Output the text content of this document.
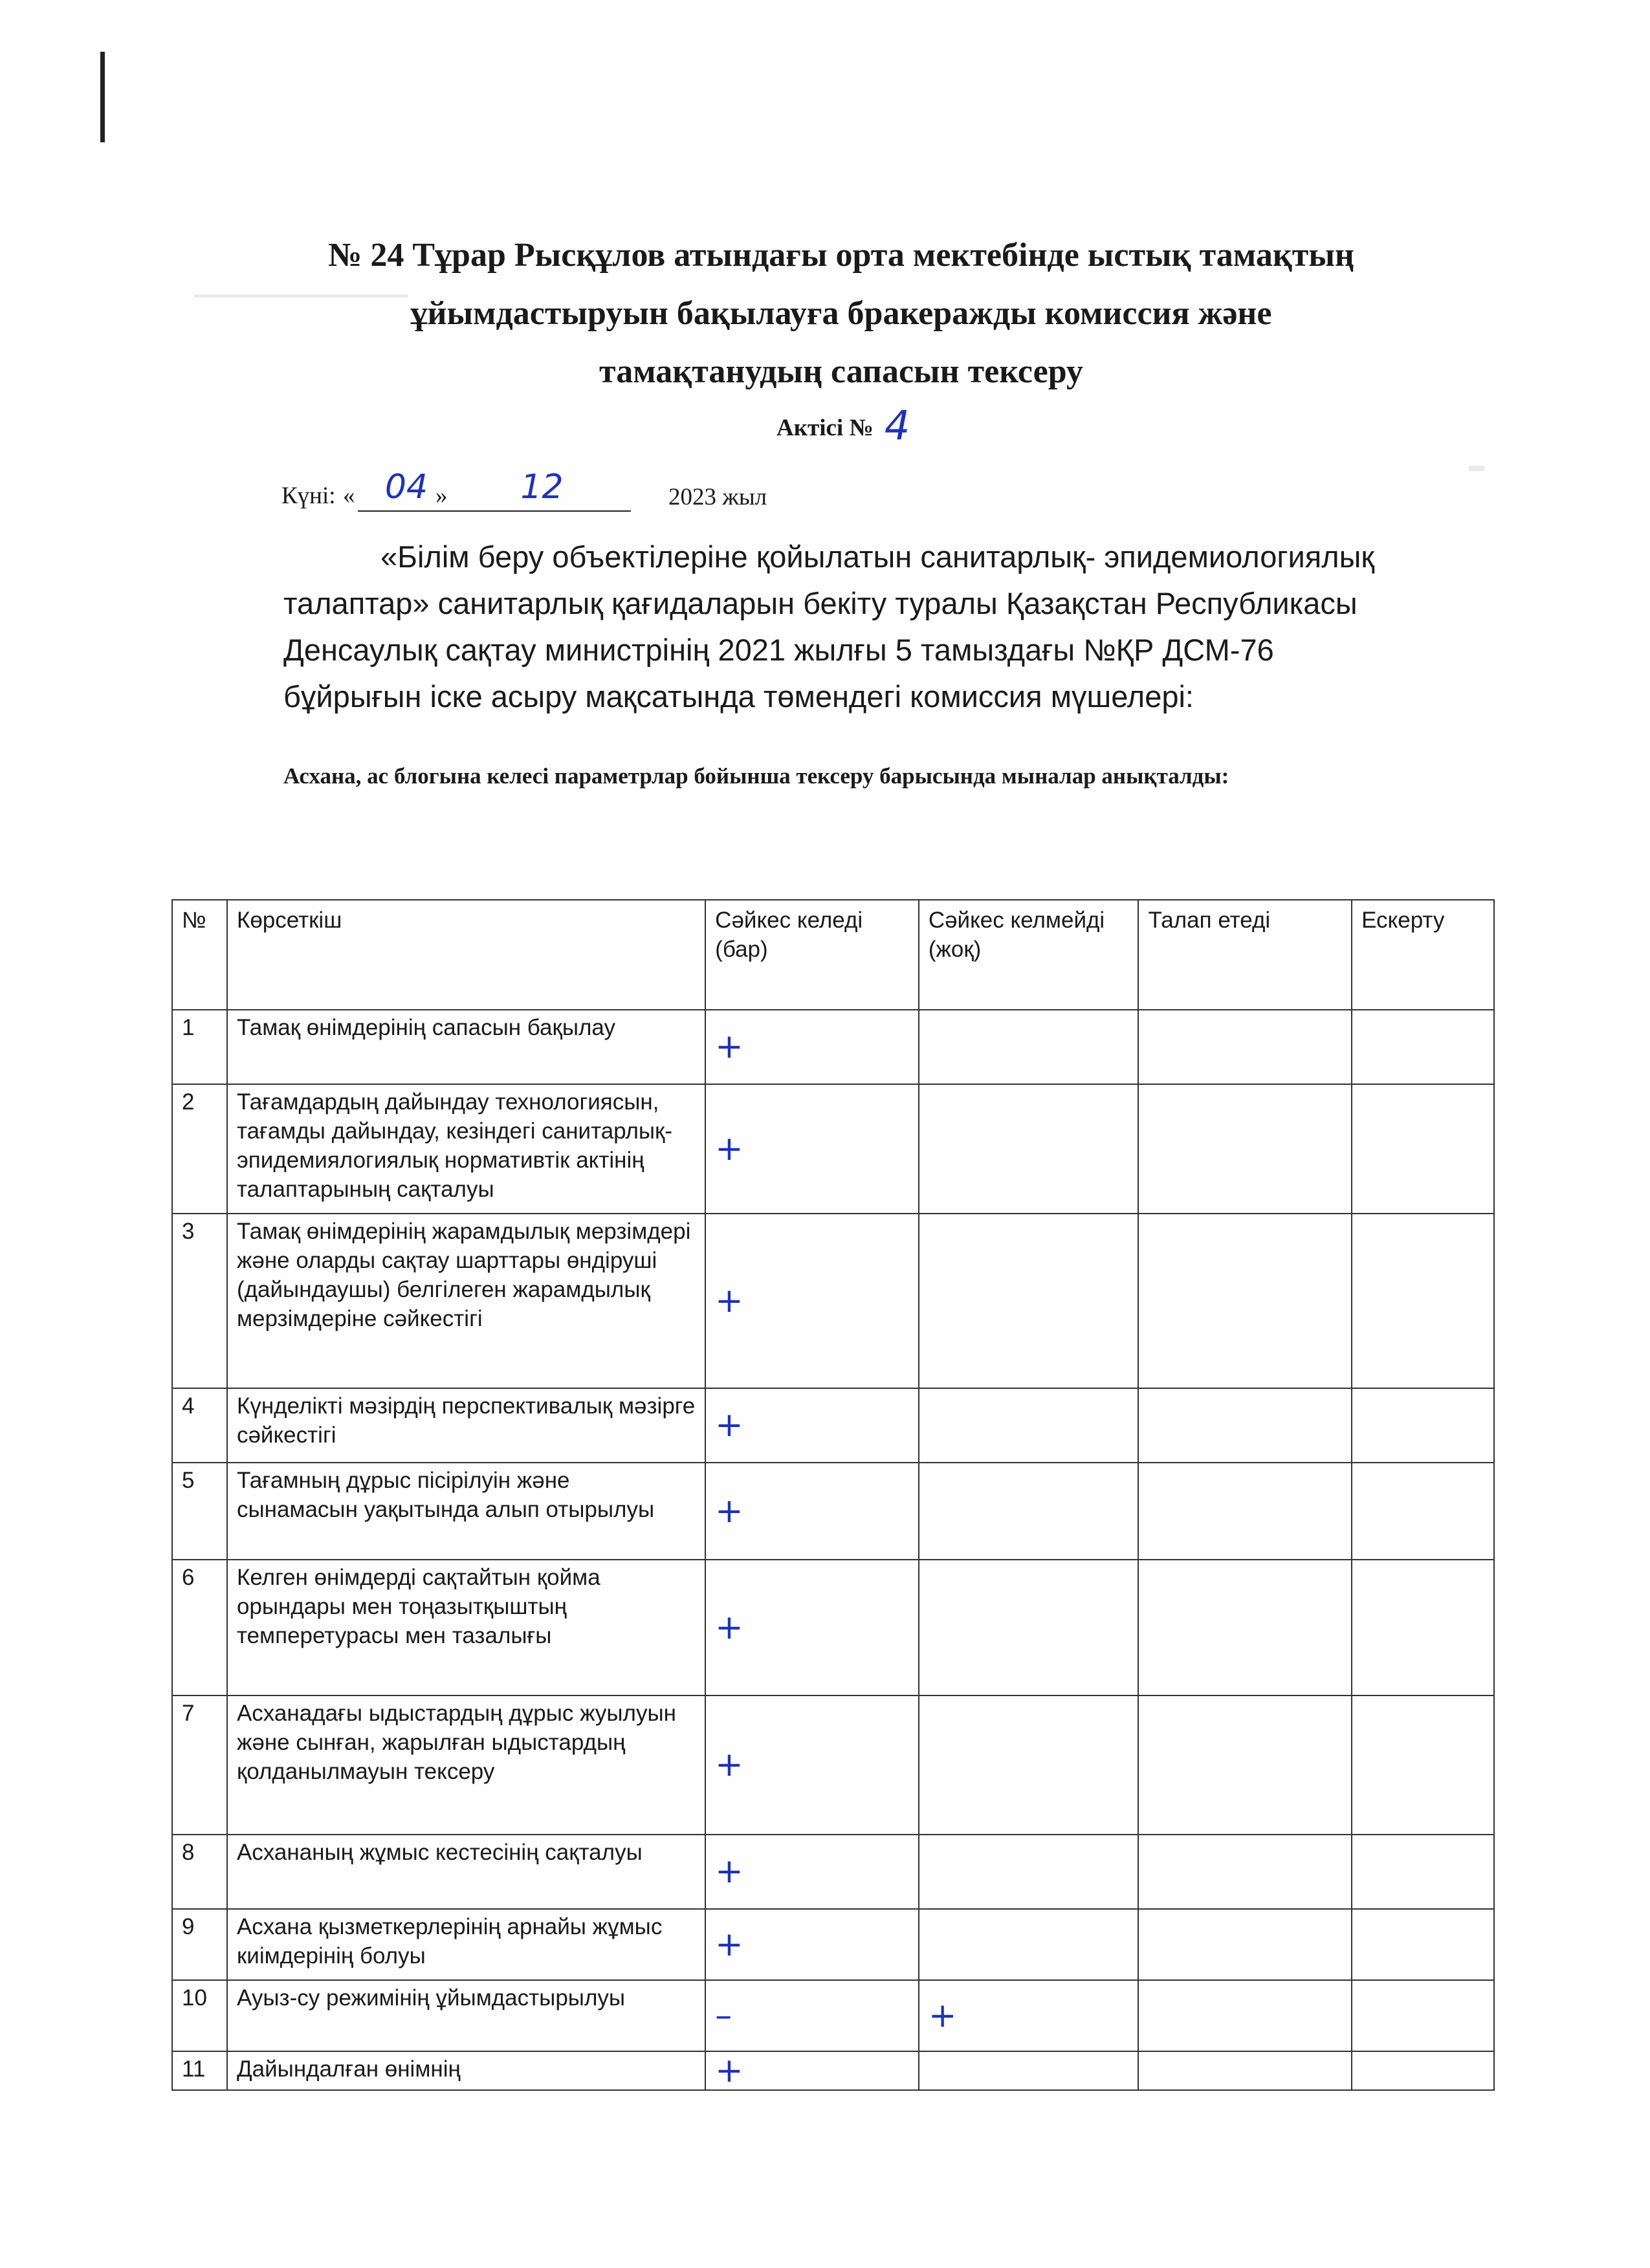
№ 24 Тұрар Рысқұлов атындағы орта мектебінде ыстық тамақтың
ұйымдастыруын бақылауға бракеражды комиссия және
тамақтанудың сапасын тексеру
Актісі № 4
Күні: « 04 »	12	2023 жыл
«Білім беру объектілеріне қойылатын санитарлық- эпидемиологиялық
талаптар» санитарлық қағидаларын бекіту туралы Қазақстан Республикасы
Денсаулық сақтау министрінің 2021 жылғы 5 тамыздағы №ҚР ДСМ-76
бұйрығын іске асыру мақсатында төмендегі комиссия мүшелері:
Асхана, ас блогына келесі параметрлар бойынша тексеру барысында мыналар анықталды:
№	Көрсеткіш	Сәйкес келеді (бар)	Сәйкес келмейді (жоқ)	Талап етеді	Ескерту
1	Тамақ өнімдерінің сапасын бақылау	+			
2	Тағамдардың дайындау технологиясын, тағамды дайындау, кезіндегі санитарлық-эпидемиялогиялық нормативтік актінің талаптарының сақталуы	+			
3	Тамақ өнімдерінің жарамдылық мерзімдері және оларды сақтау шарттары өндіруші (дайындаушы) белгілеген жарамдылық мерзімдеріне сәйкестігі	+			
4	Күнделікті мәзірдің перспективалық мәзірге сәйкестігі	+			
5	Тағамның дұрыс пісірілуін және сынамасын уақытында алып отырылуы	+			
6	Келген өнімдерді сақтайтын қойма орындары мен тоңазытқыштың темперетурасы мен тазалығы	+			
7	Асханадағы ыдыстардың дұрыс жуылуын және сынған, жарылған ыдыстардың қолданылмауын тексеру	+			
8	Асхананың жұмыс кестесінің сақталуы	+			
9	Асхана қызметкерлерінің арнайы жұмыс киімдерінің болуы	+			
10	Ауыз-су режимінің ұйымдастырылуы	–	+		
11	Дайындалған өнімнің	+			
